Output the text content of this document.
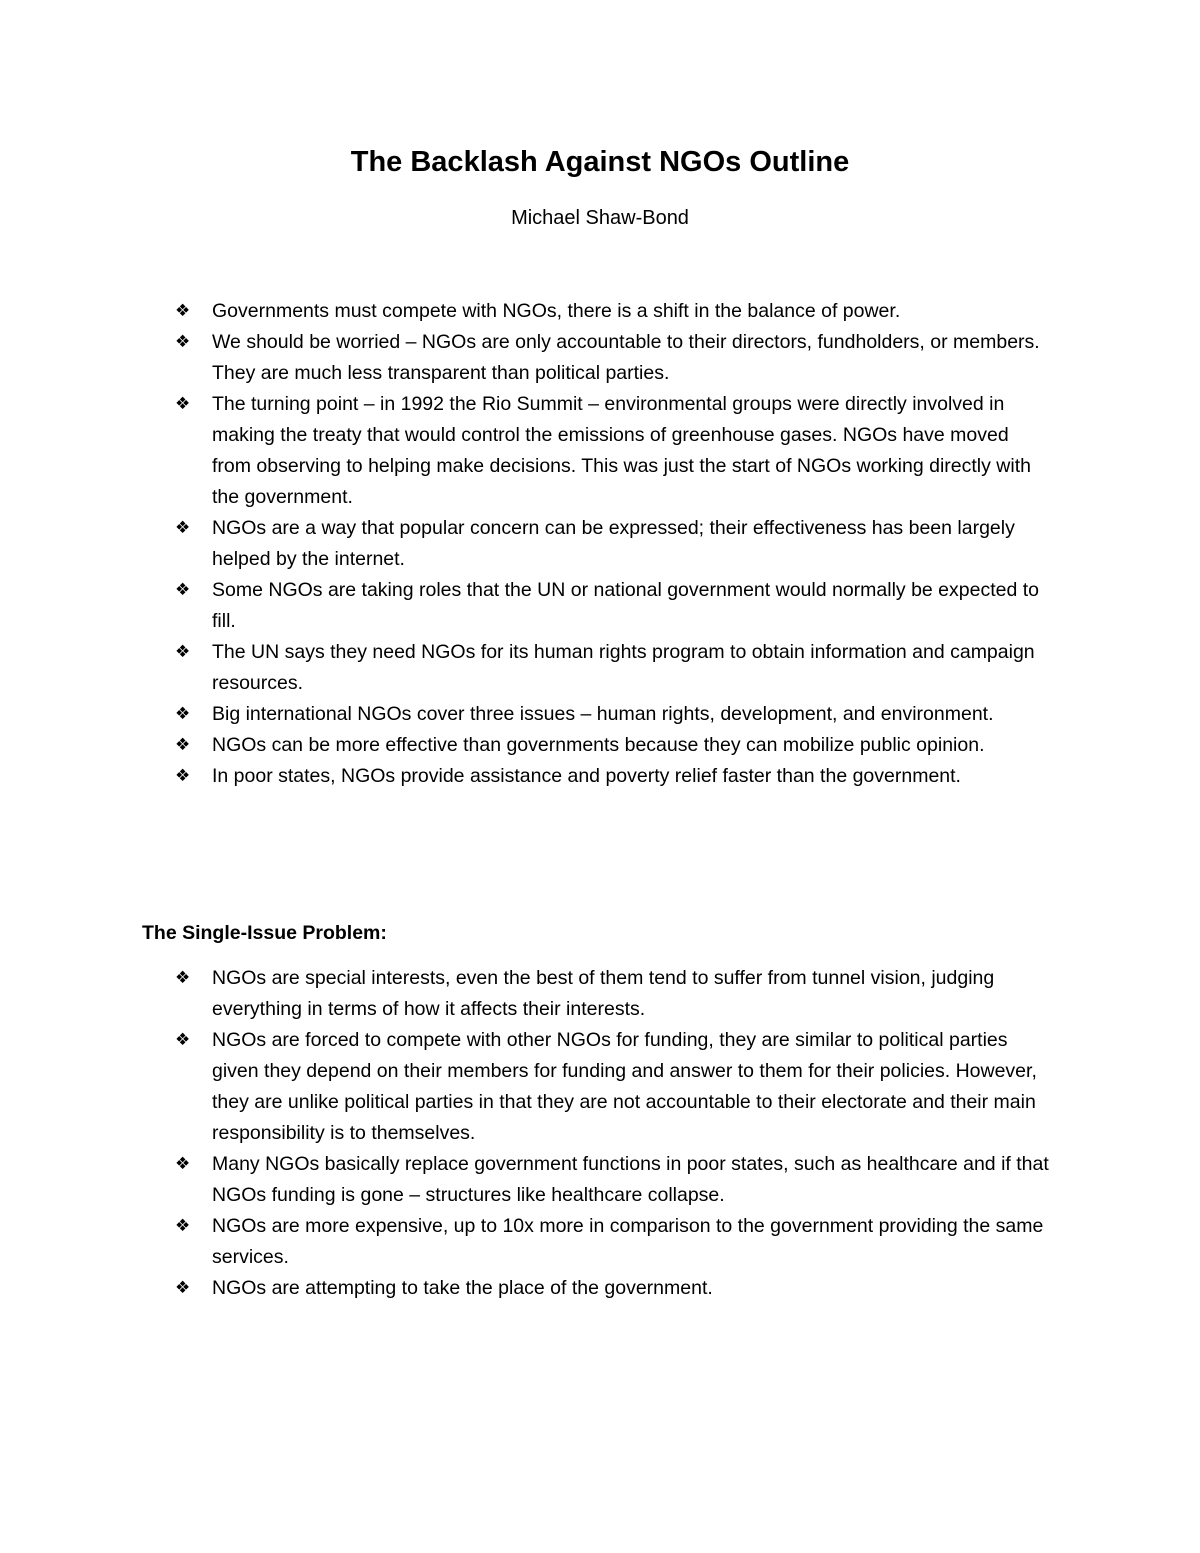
The Backlash Against NGOs Outline

Michael Shaw-Bond

❖	Governments must compete with NGOs, there is a shift in the balance of power.
❖	We should be worried – NGOs are only accountable to their directors, fundholders, or members. They are much less transparent than political parties.
❖	The turning point – in 1992 the Rio Summit – environmental groups were directly involved in making the treaty that would control the emissions of greenhouse gases. NGOs have moved from observing to helping make decisions. This was just the start of NGOs working directly with the government.
❖	NGOs are a way that popular concern can be expressed; their effectiveness has been largely helped by the internet.
❖	Some NGOs are taking roles that the UN or national government would normally be expected to fill.
❖	The UN says they need NGOs for its human rights program to obtain information and campaign resources.
❖	Big international NGOs cover three issues – human rights, development, and environment.
❖	NGOs can be more effective than governments because they can mobilize public opinion.
❖	In poor states, NGOs provide assistance and poverty relief faster than the government.
The Single-Issue Problem:
❖	NGOs are special interests, even the best of them tend to suffer from tunnel vision, judging everything in terms of how it affects their interests.
❖	NGOs are forced to compete with other NGOs for funding, they are similar to political parties given they depend on their members for funding and answer to them for their policies. However, they are unlike political parties in that they are not accountable to their electorate and their main responsibility is to themselves.
❖	Many NGOs basically replace government functions in poor states, such as healthcare and if that NGOs funding is gone – structures like healthcare collapse.
❖	NGOs are more expensive, up to 10x more in comparison to the government providing the same services.
❖	NGOs are attempting to take the place of the government.
